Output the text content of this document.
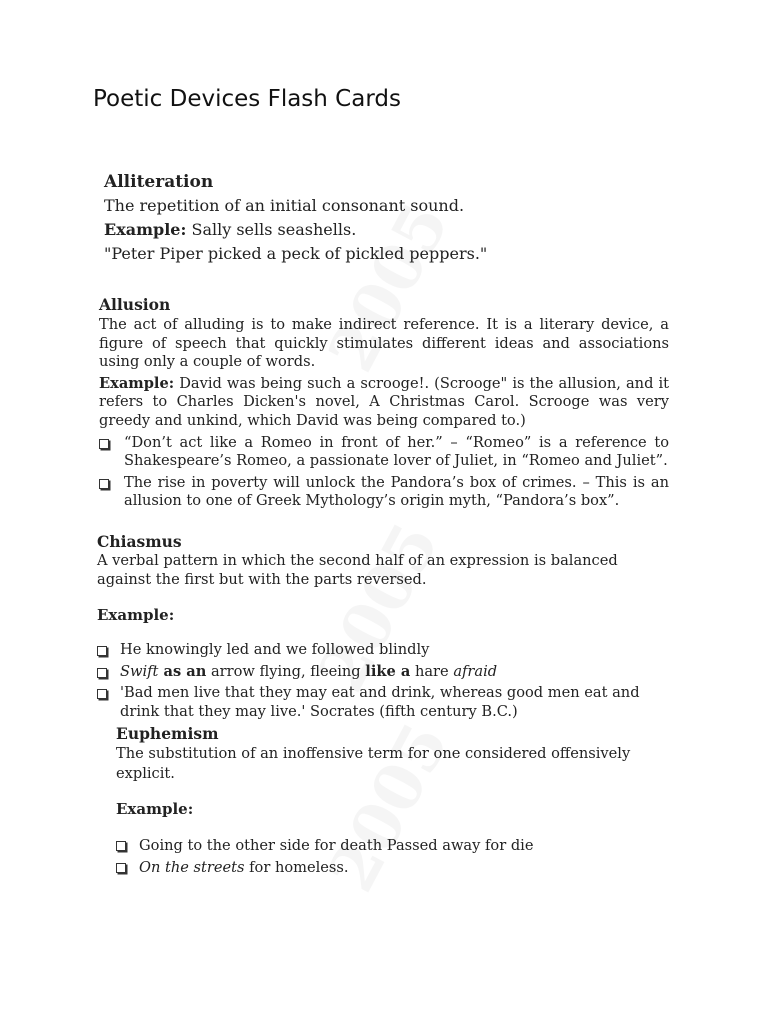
Poetic Devices Flash Cards

Alliteration

The repetition of an initial consonant sound.

Example: Sally sells seashells.

"Peter Piper picked a peck of pickled peppers."

Allusion

The act of alluding is to make indirect reference. It is a literary device, a figure of speech that quickly stimulates different ideas and associations using only a couple of words.

Example: David was being such a scrooge!. (Scrooge" is the allusion, and it refers to Charles Dicken's novel, A Christmas Carol. Scrooge was very greedy and unkind, which David was being compared to.)

“Don’t act like a Romeo in front of her.” – “Romeo” is a reference to Shakespeare’s Romeo, a passionate lover of Juliet, in “Romeo and Juliet”.
The rise in poverty will unlock the Pandora’s box of crimes. – This is an allusion to one of Greek Mythology’s origin myth, “Pandora’s box”.

Chiasmus

A verbal pattern in which the second half of an expression is balanced against the first but with the parts reversed.

Example:

He knowingly led and we followed blindly
Swift as an arrow flying, fleeing like a hare afraid
'Bad men live that they may eat and drink, whereas good men eat and drink that they may live.' Socrates (fifth century B.C.)

Euphemism

The substitution of an inoffensive term for one considered offensively explicit.

Example:

Going to the other side for death Passed away for die
On the streets for homeless.
